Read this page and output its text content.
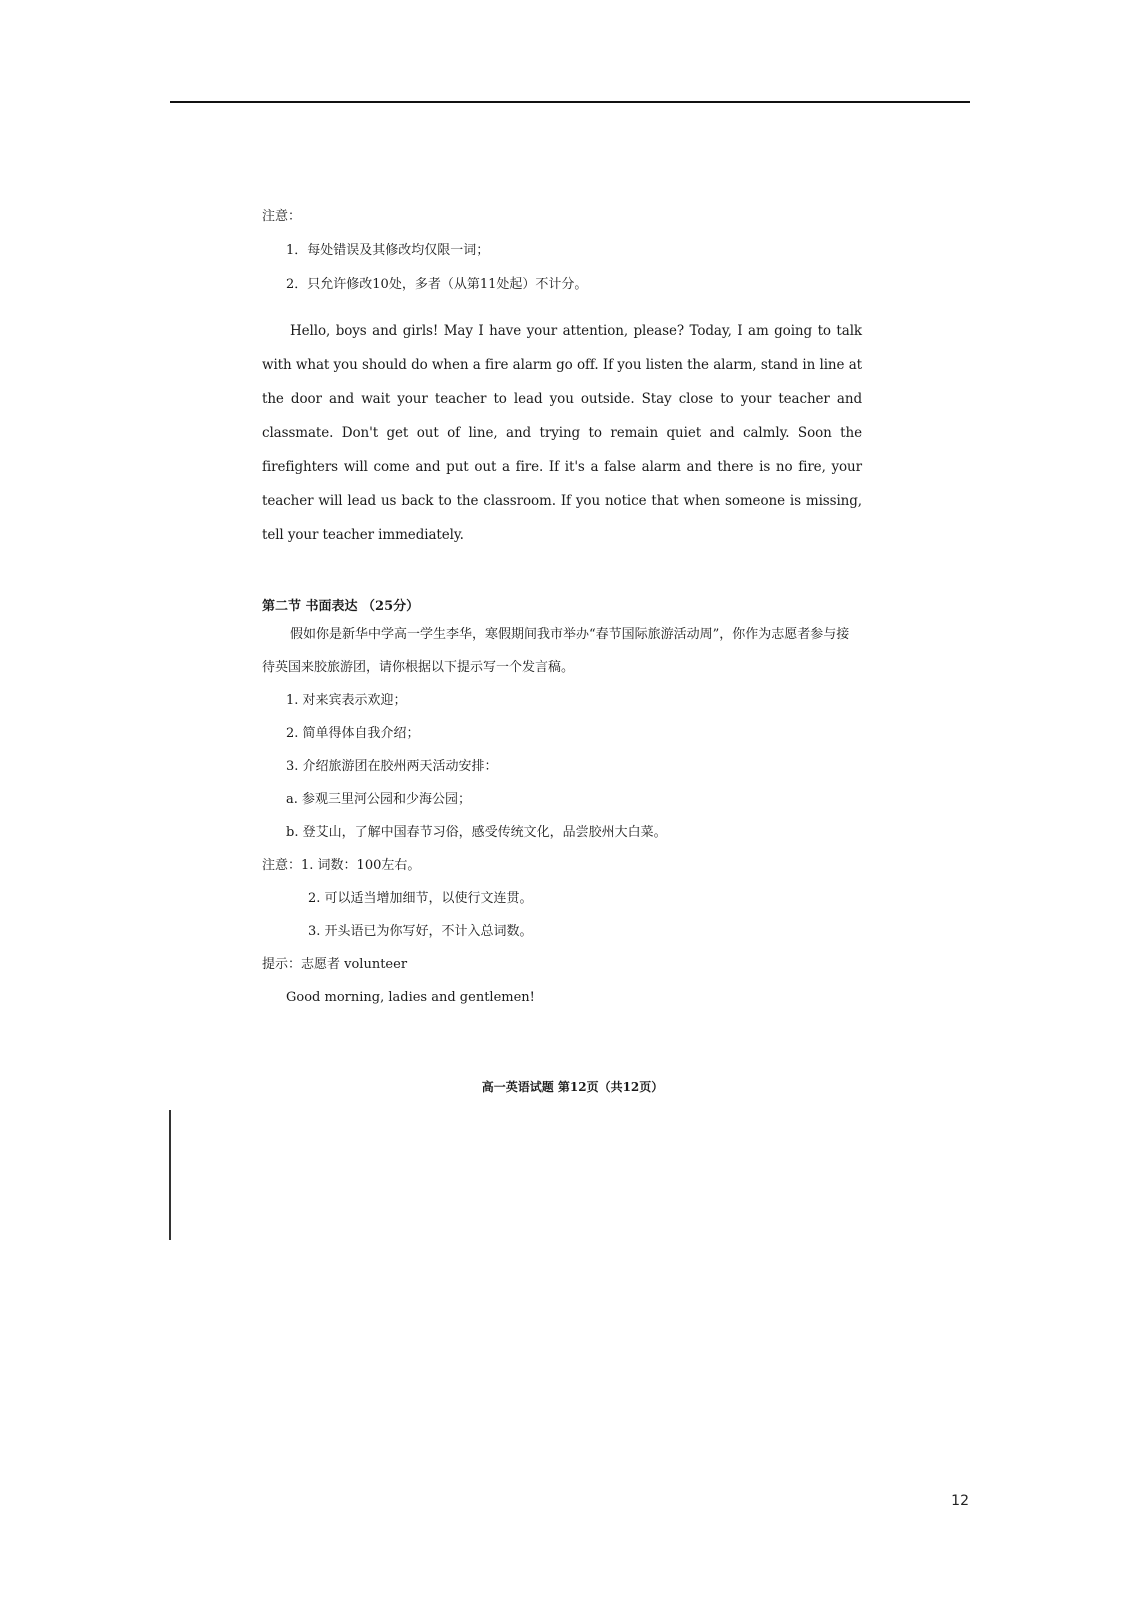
注意：

1．每处错误及其修改均仅限一词；

2．只允许修改10处，多者（从第11处起）不计分。

Hello, boys and girls! May I have your attention, please? Today, I am going to talk with what you should do when a fire alarm go off. If you listen the alarm, stand in line at the door and wait your teacher to lead you outside. Stay close to your teacher and classmate. Don't get out of line, and trying to remain quiet and calmly. Soon the firefighters will come and put out a fire. If it's a false alarm and there is no fire, your teacher will lead us back to the classroom. If you notice that when someone is missing, tell your teacher immediately.

第二节 书面表达 （25分）

假如你是新华中学高一学生李华，寒假期间我市举办“春节国际旅游活动周”，你作为志愿者参与接待英国来胶旅游团，请你根据以下提示写一个发言稿。

1. 对来宾表示欢迎；

2. 简单得体自我介绍；

3. 介绍旅游团在胶州两天活动安排：

a. 参观三里河公园和少海公园；

b. 登艾山，了解中国春节习俗，感受传统文化，品尝胶州大白菜。

注意：1. 词数：100左右。

2. 可以适当增加细节，以使行文连贯。

3. 开头语已为你写好，不计入总词数。

提示：志愿者 volunteer

Good morning, ladies and gentlemen!

高一英语试题 第12页（共12页）
12
